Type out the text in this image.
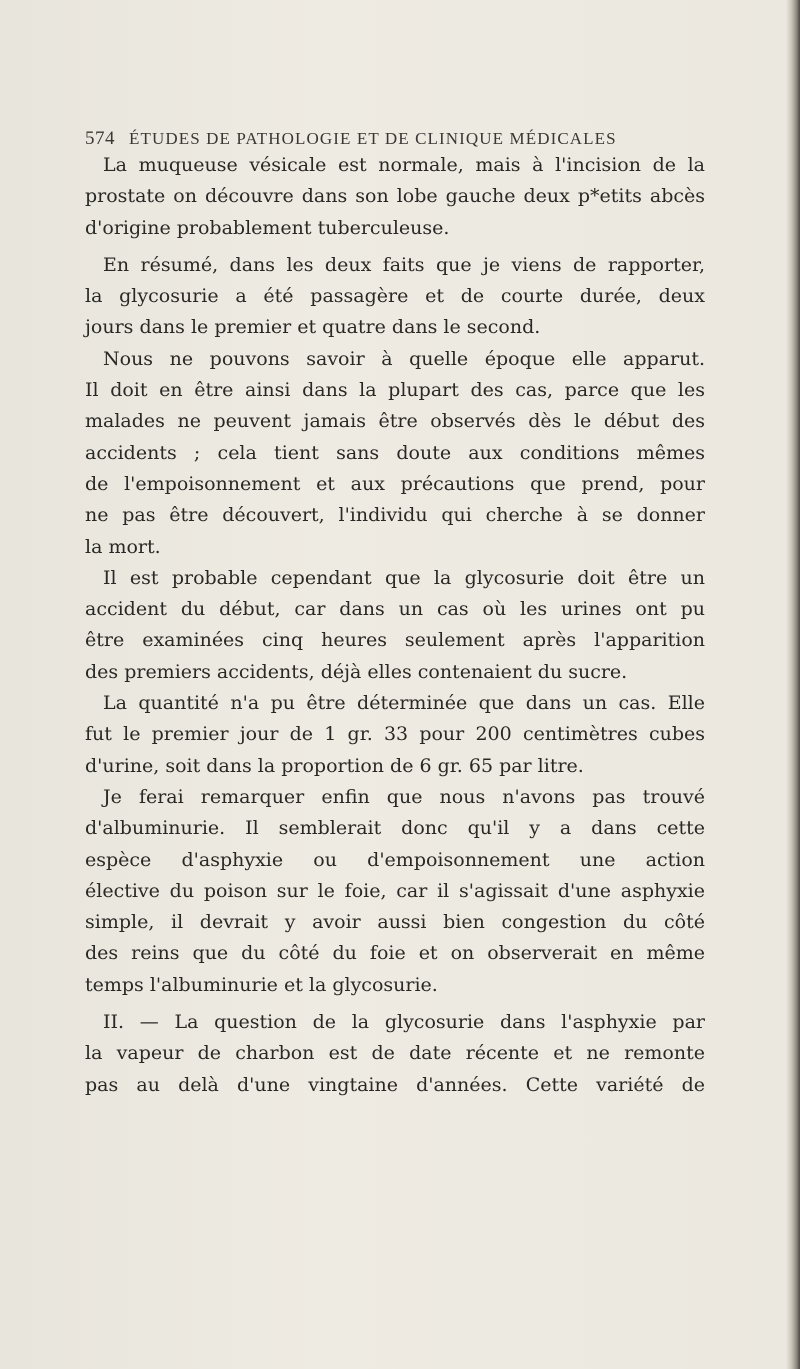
574 ÉTUDES DE PATHOLOGIE ET DE CLINIQUE MÉDICALES
La muqueuse vésicale est normale, mais à l'incision de la
prostate on découvre dans son lobe gauche deux p*etits abcès
d'origine probablement tuberculeuse.
En résumé, dans les deux faits que je viens de rapporter,
la glycosurie a été passagère et de courte durée, deux
jours dans le premier et quatre dans le second.
Nous ne pouvons savoir à quelle époque elle apparut.
Il doit en être ainsi dans la plupart des cas, parce que les
malades ne peuvent jamais être observés dès le début des
accidents ; cela tient sans doute aux conditions mêmes
de l'empoisonnement et aux précautions que prend, pour
ne pas être découvert, l'individu qui cherche à se donner
la mort.
Il est probable cependant que la glycosurie doit être un
accident du début, car dans un cas où les urines ont pu
être examinées cinq heures seulement après l'apparition
des premiers accidents, déjà elles contenaient du sucre.
La quantité n'a pu être déterminée que dans un cas. Elle
fut le premier jour de 1 gr. 33 pour 200 centimètres cubes
d'urine, soit dans la proportion de 6 gr. 65 par litre.
Je ferai remarquer enfin que nous n'avons pas trouvé
d'albuminurie. Il semblerait donc qu'il y a dans cette
espèce d'asphyxie ou d'empoisonnement une action
élective du poison sur le foie, car il s'agissait d'une asphyxie
simple, il devrait y avoir aussi bien congestion du côté
des reins que du côté du foie et on observerait en même
temps l'albuminurie et la glycosurie.
II. — La question de la glycosurie dans l'asphyxie par
la vapeur de charbon est de date récente et ne remonte
pas au delà d'une vingtaine d'années. Cette variété de
